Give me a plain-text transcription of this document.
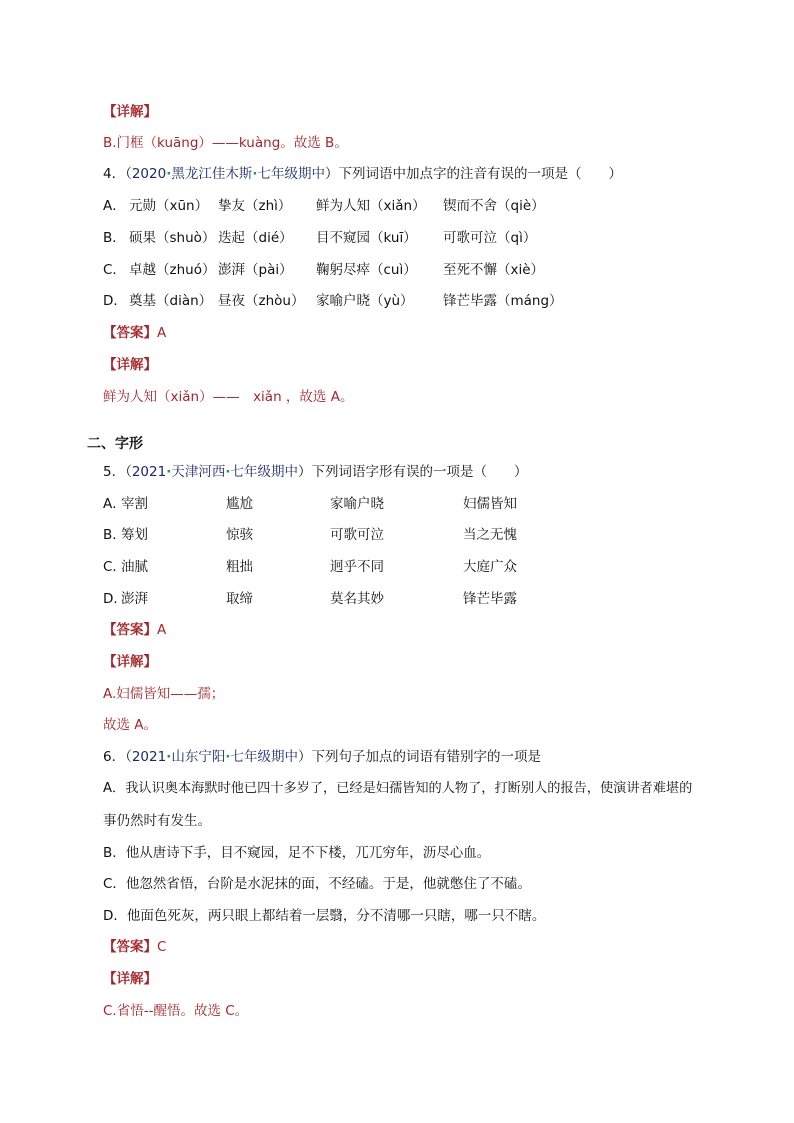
【详解】
B.门框（kuāng）——kuàng。故选 B。
4．（2020·黑龙江佳木斯·七年级期中）下列词语中加点字的注音有误的一项是（　　）
A． 元勋（xūn） 挚友（zhì） 鲜为人知（xiǎn） 锲而不舍（qiè）
B． 硕果（shuò） 迭起（dié） 目不窥园（kuī） 可歌可泣（qì）
C． 卓越（zhuó） 澎湃（pài） 鞠躬尽瘁（cuì） 至死不懈（xiè）
D． 奠基（diàn） 昼夜（zhòu） 家喻户晓（yù） 锋芒毕露（máng）
【答案】A
【详解】
鲜为人知（xiǎn）——　xiǎn ，故选 A。
二、字形
5．（2021·天津河西·七年级期中）下列词语字形有误的一项是（　　）
A．
宰割	尴尬	家喻户晓	妇儒皆知
B．
筹划	惊骇	可歌可泣	当之无愧
C．
油腻	粗拙	迥乎不同	大庭广众
D．
澎湃	取缔	莫名其妙	锋芒毕露
【答案】A
【详解】
A.妇儒皆知——孺；
故选 A。
6．（2021·山东宁阳·七年级期中）下列句子加点的词语有错别字的一项是
A．我认识奥本海默时他已四十多岁了，已经是妇孺皆知的人物了，打断别人的报告，使演讲者难堪的
事仍然时有发生。
B．他从唐诗下手，目不窥园，足不下楼，兀兀穷年，沥尽心血。
C．他忽然省悟，台阶是水泥抹的面，不经磕。于是，他就憋住了不磕。
D．他面色死灰，两只眼上都结着一层翳，分不清哪一只瞎，哪一只不瞎。
【答案】C
【详解】
C.省悟--醒悟。故选 C。
